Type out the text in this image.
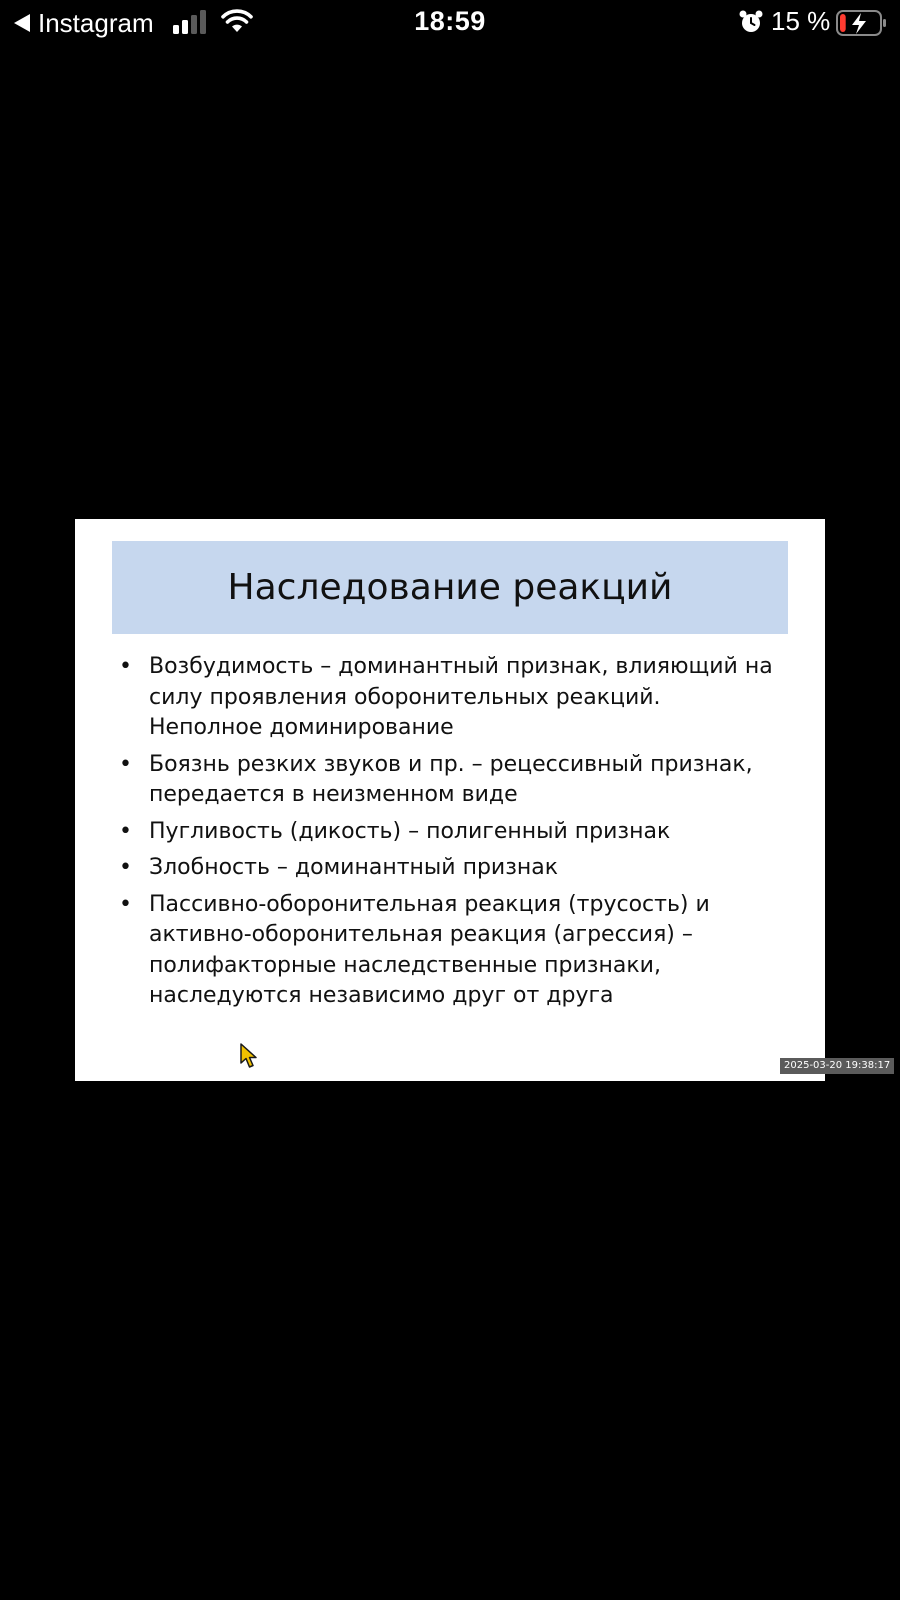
Instagram	18:59	15 %
Наследование реакций
• Возбудимость – доминантный признак, влияющий на силу проявления оборонительных реакций. Неполное доминирование
• Боязнь резких звуков и пр. – рецессивный признак, передается в неизменном виде
• Пугливость (дикость) – полигенный признак
• Злобность – доминантный признак
• Пассивно-оборонительная реакция (трусость) и активно-оборонительная реакция (агрессия) – полифакторные наследственные признаки, наследуются независимо друг от друга
2025-03-20 19:38:17
